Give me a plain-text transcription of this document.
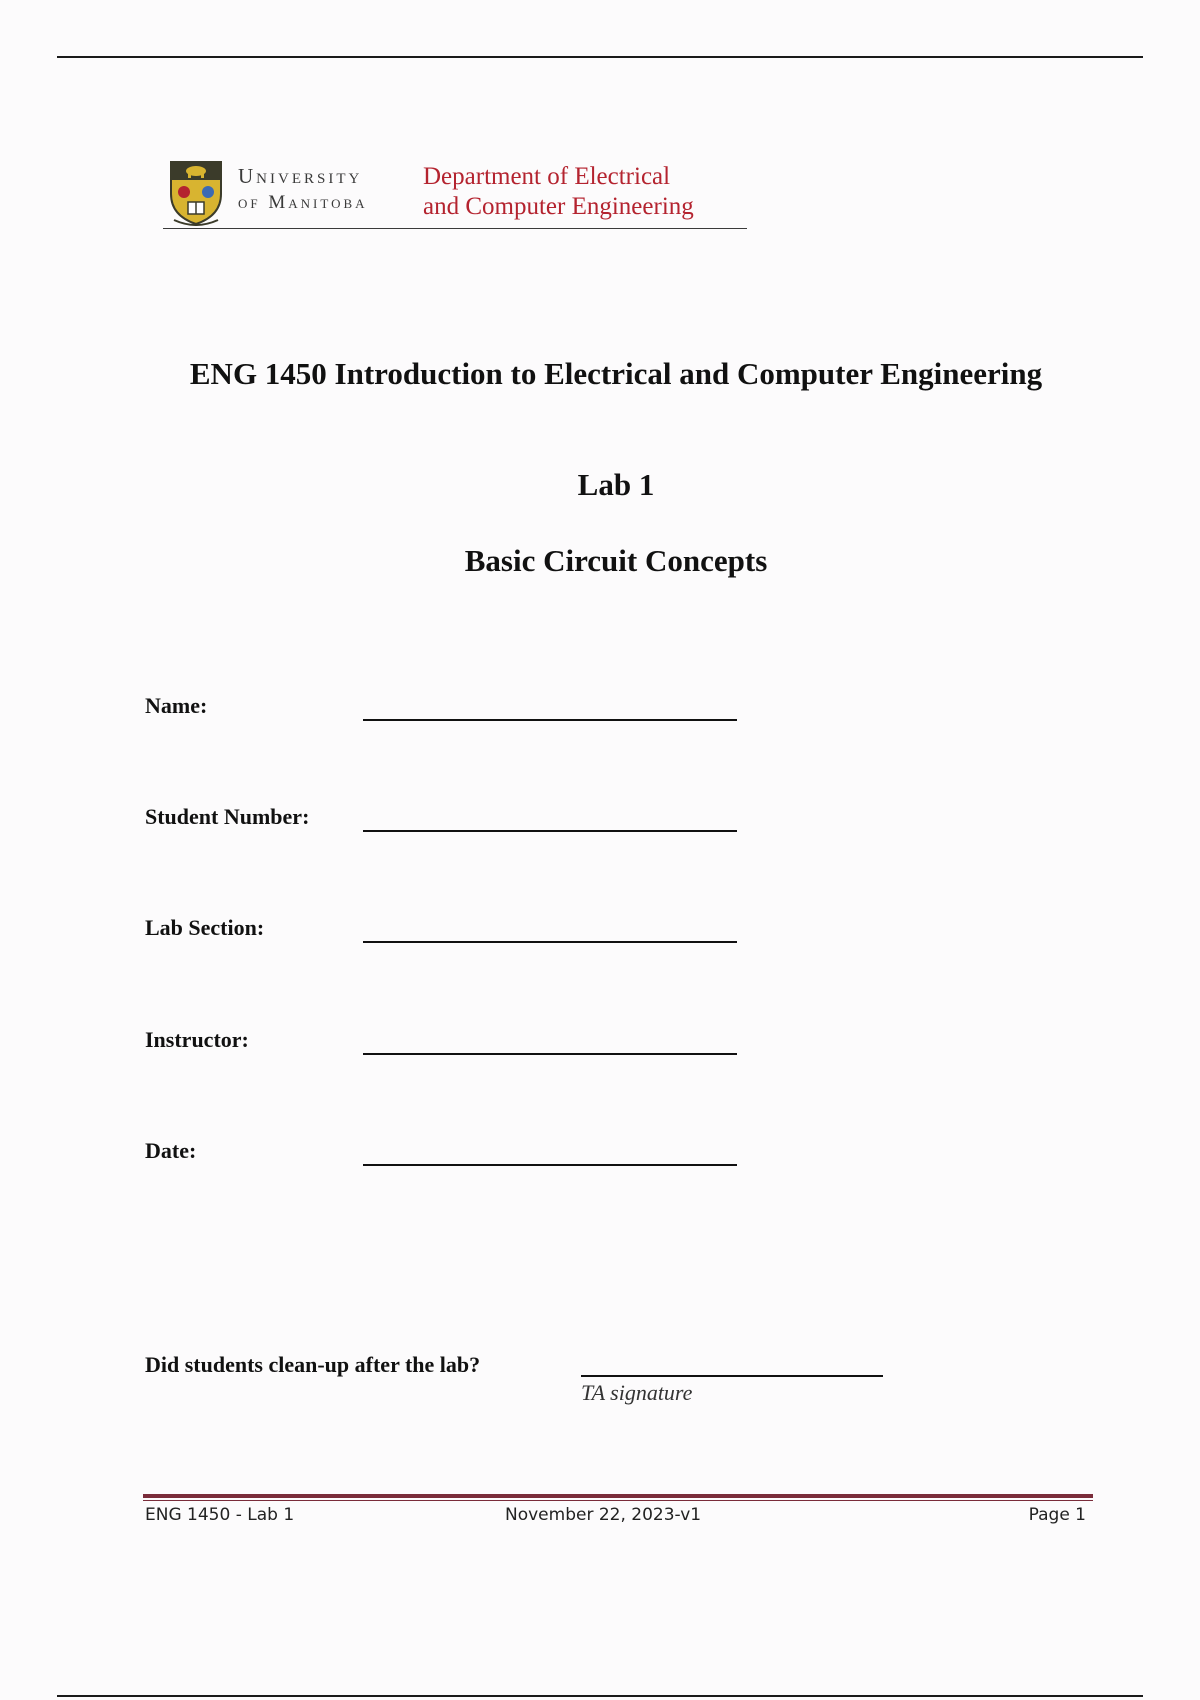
University
of Manitoba
Department of Electrical
and Computer Engineering
ENG 1450 Introduction to Electrical and Computer Engineering
Lab 1
Basic Circuit Concepts
Name:
Student Number:
Lab Section:
Instructor:
Date:
Did students clean-up after the lab?
TA signature
ENG 1450 - Lab 1	November 22, 2023-v1	Page 1
